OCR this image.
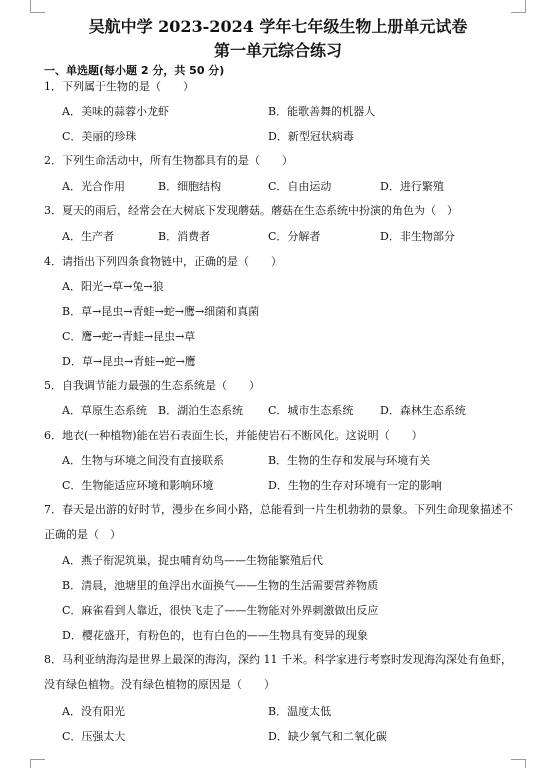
吴航中学 2023-2024 学年七年级生物上册单元试卷
第一单元综合练习
一、单选题(每小题 2 分，共 50 分)
1．下列属于生物的是（　　）
A．美味的蒜蓉小龙虾	B．能歌善舞的机器人
C．美丽的珍珠	D．新型冠状病毒
2．下列生命活动中，所有生物都具有的是（　　）
A．光合作用	B．细胞结构	C．自由运动	D．进行繁殖
3．夏天的雨后，经常会在大树底下发现蘑菇。蘑菇在生态系统中扮演的角色为（　）
A．生产者	B．消费者	C．分解者	D．非生物部分
4．请指出下列四条食物链中，正确的是（　　）
A．阳光→草→兔→狼
B．草→昆虫→青蛙→蛇→鹰→细菌和真菌
C．鹰→蛇→青蛙→昆虫→草
D．草→昆虫→青蛙→蛇→鹰
5．自我调节能力最强的生态系统是（　　）
A．草原生态系统 B．湖泊生态系统 C．城市生态系统 D．森林生态系统
6．地衣(一种植物)能在岩石表面生长，并能使岩石不断风化。这说明（　　）
A．生物与环境之间没有直接联系	B．生物的生存和发展与环境有关
C．生物能适应环境和影响环境	D．生物的生存对环境有一定的影响
7．春天是出游的好时节，漫步在乡间小路，总能看到一片生机勃勃的景象。下列生命现象描述不正确的是（　）
A．燕子衔泥筑巢，捉虫哺育幼鸟——生物能繁殖后代
B．清晨，池塘里的鱼浮出水面换气——生物的生活需要营养物质
C．麻雀看到人靠近，很快飞走了——生物能对外界刺激做出反应
D．樱花盛开，有粉色的，也有白色的——生物具有变异的现象
8．马利亚纳海沟是世界上最深的海沟，深约 11 千米。科学家进行考察时发现海沟深处有鱼虾，没有绿色植物。没有绿色植物的原因是（　　）
A．没有阳光	B．温度太低
C．压强太大	D．缺少氧气和二氧化碳
